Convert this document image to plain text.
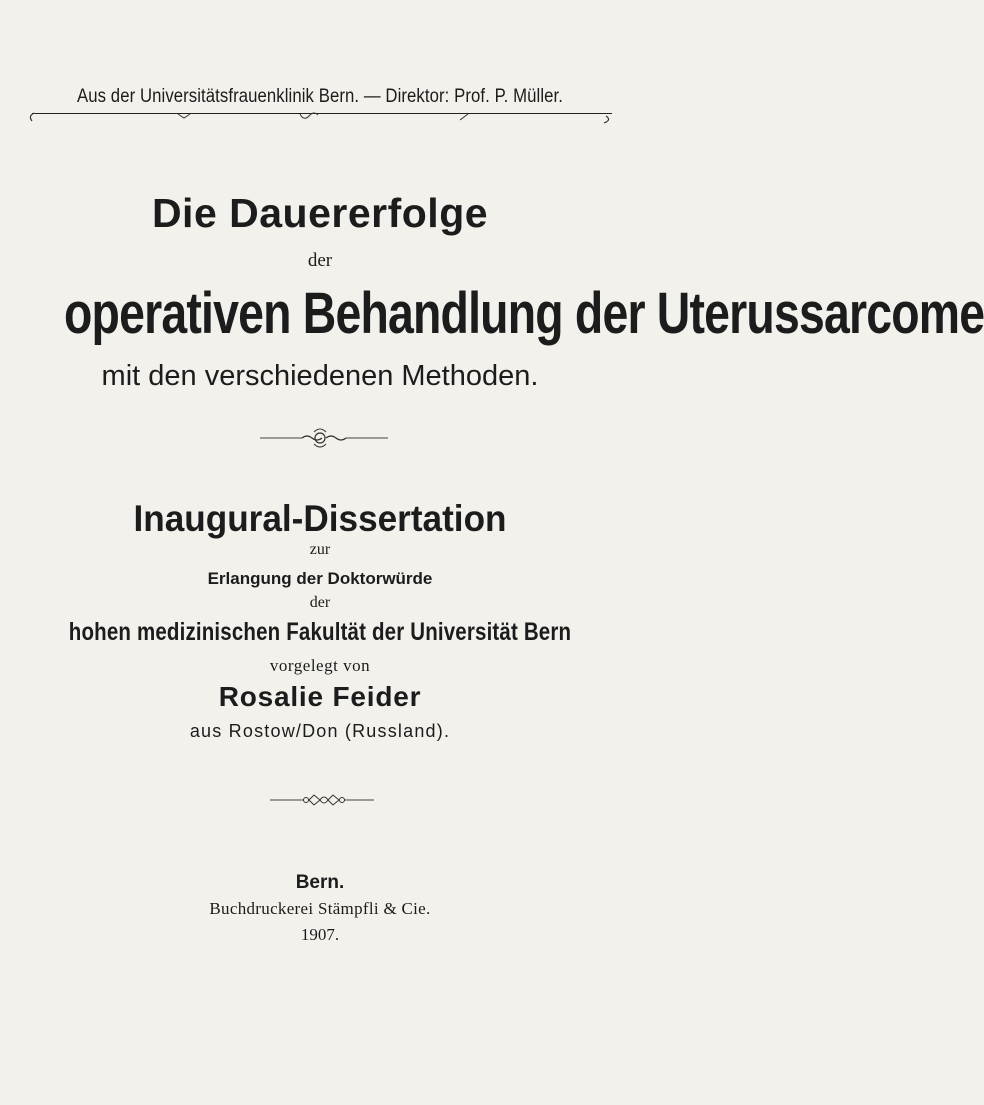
Aus der Universitätsfrauenklinik Bern. — Direktor: Prof. P. Müller.
Die Dauererfolge
der
operativen Behandlung der Uterussarcome
mit den verschiedenen Methoden.
Inaugural-Dissertation
zur
Erlangung der Doktorwürde
der
hohen medizinischen Fakultät der Universität Bern
vorgelegt von
Rosalie Feider
aus Rostow/Don (Russland).
Bern.
Buchdruckerei Stämpfli & Cie.
1907.
